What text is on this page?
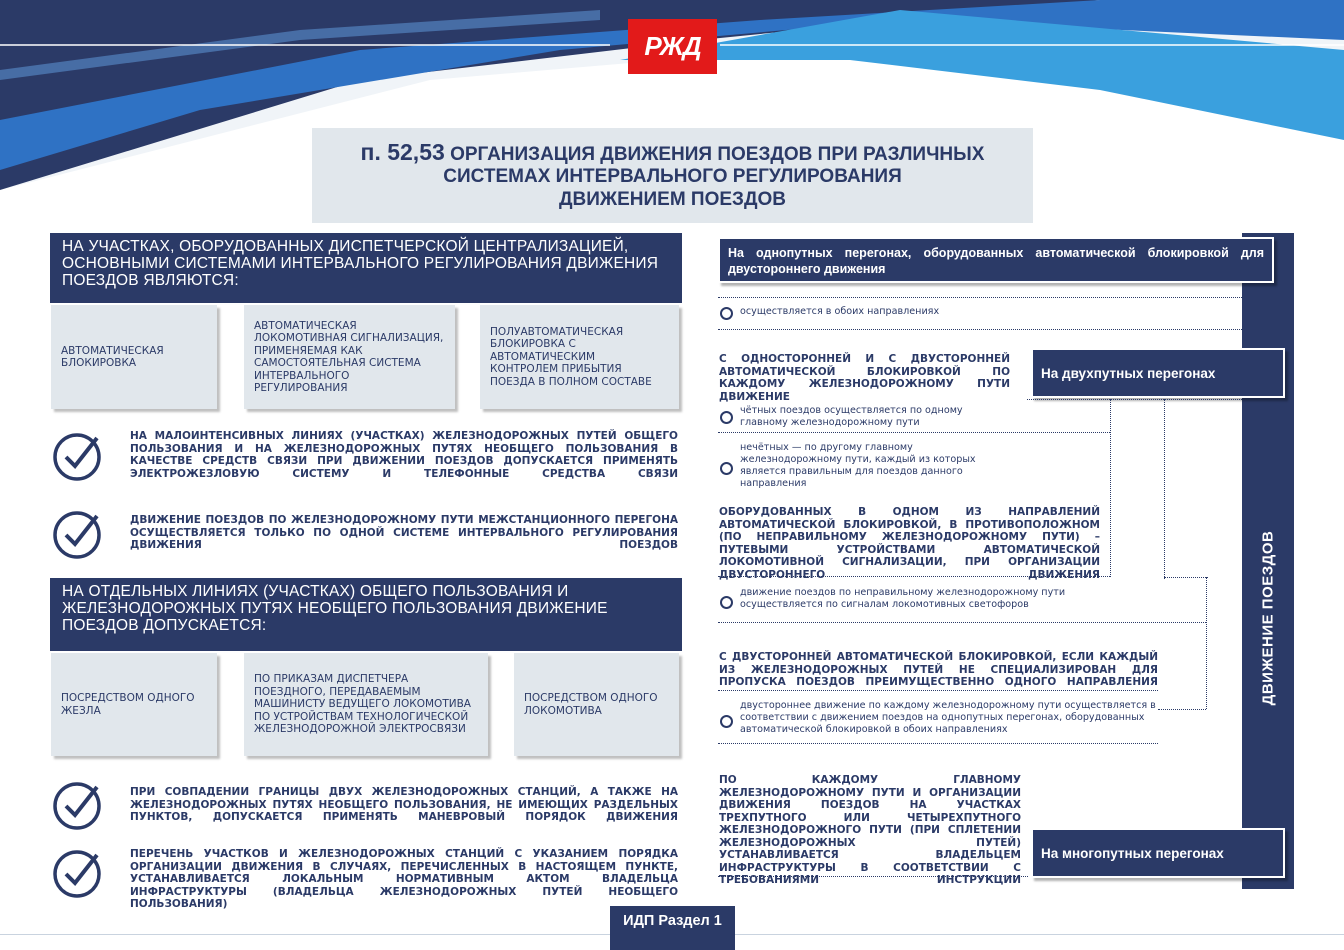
РЖД
п. 52,53 ОРГАНИЗАЦИЯ ДВИЖЕНИЯ ПОЕЗДОВ ПРИ РАЗЛИЧНЫХ
СИСТЕМАХ ИНТЕРВАЛЬНОГО РЕГУЛИРОВАНИЯ
ДВИЖЕНИЕМ ПОЕЗДОВ
НА УЧАСТКАХ, ОБОРУДОВАННЫХ ДИСПЕТЧЕРСКОЙ ЦЕНТРАЛИЗАЦИЕЙ, ОСНОВНЫМИ СИСТЕМАМИ ИНТЕРВАЛЬНОГО РЕГУЛИРОВАНИЯ ДВИЖЕНИЯ ПОЕЗДОВ ЯВЛЯЮТСЯ:
АВТОМАТИЧЕСКАЯ БЛОКИРОВКА
АВТОМАТИЧЕСКАЯ ЛОКОМОТИВНАЯ СИГНАЛИЗАЦИЯ, ПРИМЕНЯЕМАЯ КАК САМОСТОЯТЕЛЬНАЯ СИСТЕМА ИНТЕРВАЛЬНОГО РЕГУЛИРОВАНИЯ
ПОЛУАВТОМАТИЧЕСКАЯ БЛОКИРОВКА С АВТОМАТИЧЕСКИМ КОНТРОЛЕМ ПРИБЫТИЯ ПОЕЗДА В ПОЛНОМ СОСТАВЕ
НА МАЛОИНТЕНСИВНЫХ ЛИНИЯХ (УЧАСТКАХ) ЖЕЛЕЗНОДОРОЖНЫХ ПУТЕЙ ОБЩЕГО ПОЛЬЗОВАНИЯ И НА ЖЕЛЕЗНОДОРОЖНЫХ ПУТЯХ НЕОБЩЕГО ПОЛЬЗОВАНИЯ В КАЧЕСТВЕ СРЕДСТВ СВЯЗИ ПРИ ДВИЖЕНИИ ПОЕЗДОВ ДОПУСКАЕТСЯ ПРИМЕНЯТЬ ЭЛЕКТРОЖЕЗЛОВУЮ СИСТЕМУ И ТЕЛЕФОННЫЕ СРЕДСТВА СВЯЗИ
ДВИЖЕНИЕ ПОЕЗДОВ ПО ЖЕЛЕЗНОДОРОЖНОМУ ПУТИ МЕЖСТАНЦИОННОГО ПЕРЕГОНА ОСУЩЕСТВЛЯЕТСЯ ТОЛЬКО ПО ОДНОЙ СИСТЕМЕ ИНТЕРВАЛЬНОГО РЕГУЛИРОВАНИЯ ДВИЖЕНИЯ ПОЕЗДОВ
НА ОТДЕЛЬНЫХ ЛИНИЯХ (УЧАСТКАХ) ОБЩЕГО ПОЛЬЗОВАНИЯ И ЖЕЛЕЗНОДОРОЖНЫХ ПУТЯХ НЕОБЩЕГО ПОЛЬЗОВАНИЯ ДВИЖЕНИЕ ПОЕЗДОВ ДОПУСКАЕТСЯ:
ПОСРЕДСТВОМ ОДНОГО ЖЕЗЛА
ПО ПРИКАЗАМ ДИСПЕТЧЕРА ПОЕЗДНОГО, ПЕРЕДАВАЕМЫМ МАШИНИСТУ ВЕДУЩЕГО ЛОКОМОТИВА ПО УСТРОЙСТВАМ ТЕХНОЛОГИЧЕСКОЙ ЖЕЛЕЗНОДОРОЖНОЙ ЭЛЕКТРОСВЯЗИ
ПОСРЕДСТВОМ ОДНОГО ЛОКОМОТИВА
ПРИ СОВПАДЕНИИ ГРАНИЦЫ ДВУХ ЖЕЛЕЗНОДОРОЖНЫХ СТАНЦИЙ, А ТАКЖЕ НА ЖЕЛЕЗНОДОРОЖНЫХ ПУТЯХ НЕОБЩЕГО ПОЛЬЗОВАНИЯ, НЕ ИМЕЮЩИХ РАЗДЕЛЬНЫХ ПУНКТОВ, ДОПУСКАЕТСЯ ПРИМЕНЯТЬ МАНЕВРОВЫЙ ПОРЯДОК ДВИЖЕНИЯ
ПЕРЕЧЕНЬ УЧАСТКОВ И ЖЕЛЕЗНОДОРОЖНЫХ СТАНЦИЙ С УКАЗАНИЕМ ПОРЯДКА ОРГАНИЗАЦИИ ДВИЖЕНИЯ В СЛУЧАЯХ, ПЕРЕЧИСЛЕННЫХ В НАСТОЯЩЕМ ПУНКТЕ, УСТАНАВЛИВАЕТСЯ ЛОКАЛЬНЫМ НОРМАТИВНЫМ АКТОМ ВЛАДЕЛЬЦА ИНФРАСТРУКТУРЫ (ВЛАДЕЛЬЦА ЖЕЛЕЗНОДОРОЖНЫХ ПУТЕЙ НЕОБЩЕГО ПОЛЬЗОВАНИЯ)
ДВИЖЕНИЕ ПОЕЗДОВ
На однопутных перегонах, оборудованных автоматической блокировкой для двустороннего движения
осуществляется в обоих направлениях
С ОДНОСТОРОННЕЙ И С ДВУСТОРОННЕЙ АВТОМАТИЧЕСКОЙ БЛОКИРОВКОЙ ПО КАЖДОМУ ЖЕЛЕЗНОДОРОЖНОМУ ПУТИ ДВИЖЕНИЕ
На двухпутных перегонах
чётных поездов осуществляется по одному главному железнодорожному пути
нечётных — по другому главному железнодорожному пути, каждый из которых является правильным для поездов данного направления
ОБОРУДОВАННЫХ В ОДНОМ ИЗ НАПРАВЛЕНИЙ АВТОМАТИЧЕСКОЙ БЛОКИРОВКОЙ, В ПРОТИВОПОЛОЖНОМ (ПО НЕПРАВИЛЬНОМУ ЖЕЛЕЗНОДОРОЖНОМУ ПУТИ) – ПУТЕВЫМИ УСТРОЙСТВАМИ АВТОМАТИЧЕСКОЙ ЛОКОМОТИВНОЙ СИГНАЛИЗАЦИИ, ПРИ ОРГАНИЗАЦИИ ДВУСТОРОННЕГО ДВИЖЕНИЯ
движение поездов по неправильному железнодорожному пути осуществляется по сигналам локомотивных светофоров
С ДВУСТОРОННЕЙ АВТОМАТИЧЕСКОЙ БЛОКИРОВКОЙ, ЕСЛИ КАЖДЫЙ ИЗ ЖЕЛЕЗНОДОРОЖНЫХ ПУТЕЙ НЕ СПЕЦИАЛИЗИРОВАН ДЛЯ ПРОПУСКА ПОЕЗДОВ ПРЕИМУЩЕСТВЕННО ОДНОГО НАПРАВЛЕНИЯ
двустороннее движение по каждому железнодорожному пути осуществляется в соответствии с движением поездов на однопутных перегонах, оборудованных автоматической блокировкой в обоих направлениях
ПО КАЖДОМУ ГЛАВНОМУ ЖЕЛЕЗНОДОРОЖНОМУ ПУТИ И ОРГАНИЗАЦИИ ДВИЖЕНИЯ ПОЕЗДОВ НА УЧАСТКАХ ТРЕХПУТНОГО ИЛИ ЧЕТЫРЕХПУТНОГО ЖЕЛЕЗНОДОРОЖНОГО ПУТИ (ПРИ СПЛЕТЕНИИ ЖЕЛЕЗНОДОРОЖНЫХ ПУТЕЙ) УСТАНАВЛИВАЕТСЯ ВЛАДЕЛЬЦЕМ ИНФРАСТРУКТУРЫ В СООТВЕТСТВИИ С ТРЕБОВАНИЯМИ ИНСТРУКЦИИ
На многопутных перегонах
ИДП Раздел 1
